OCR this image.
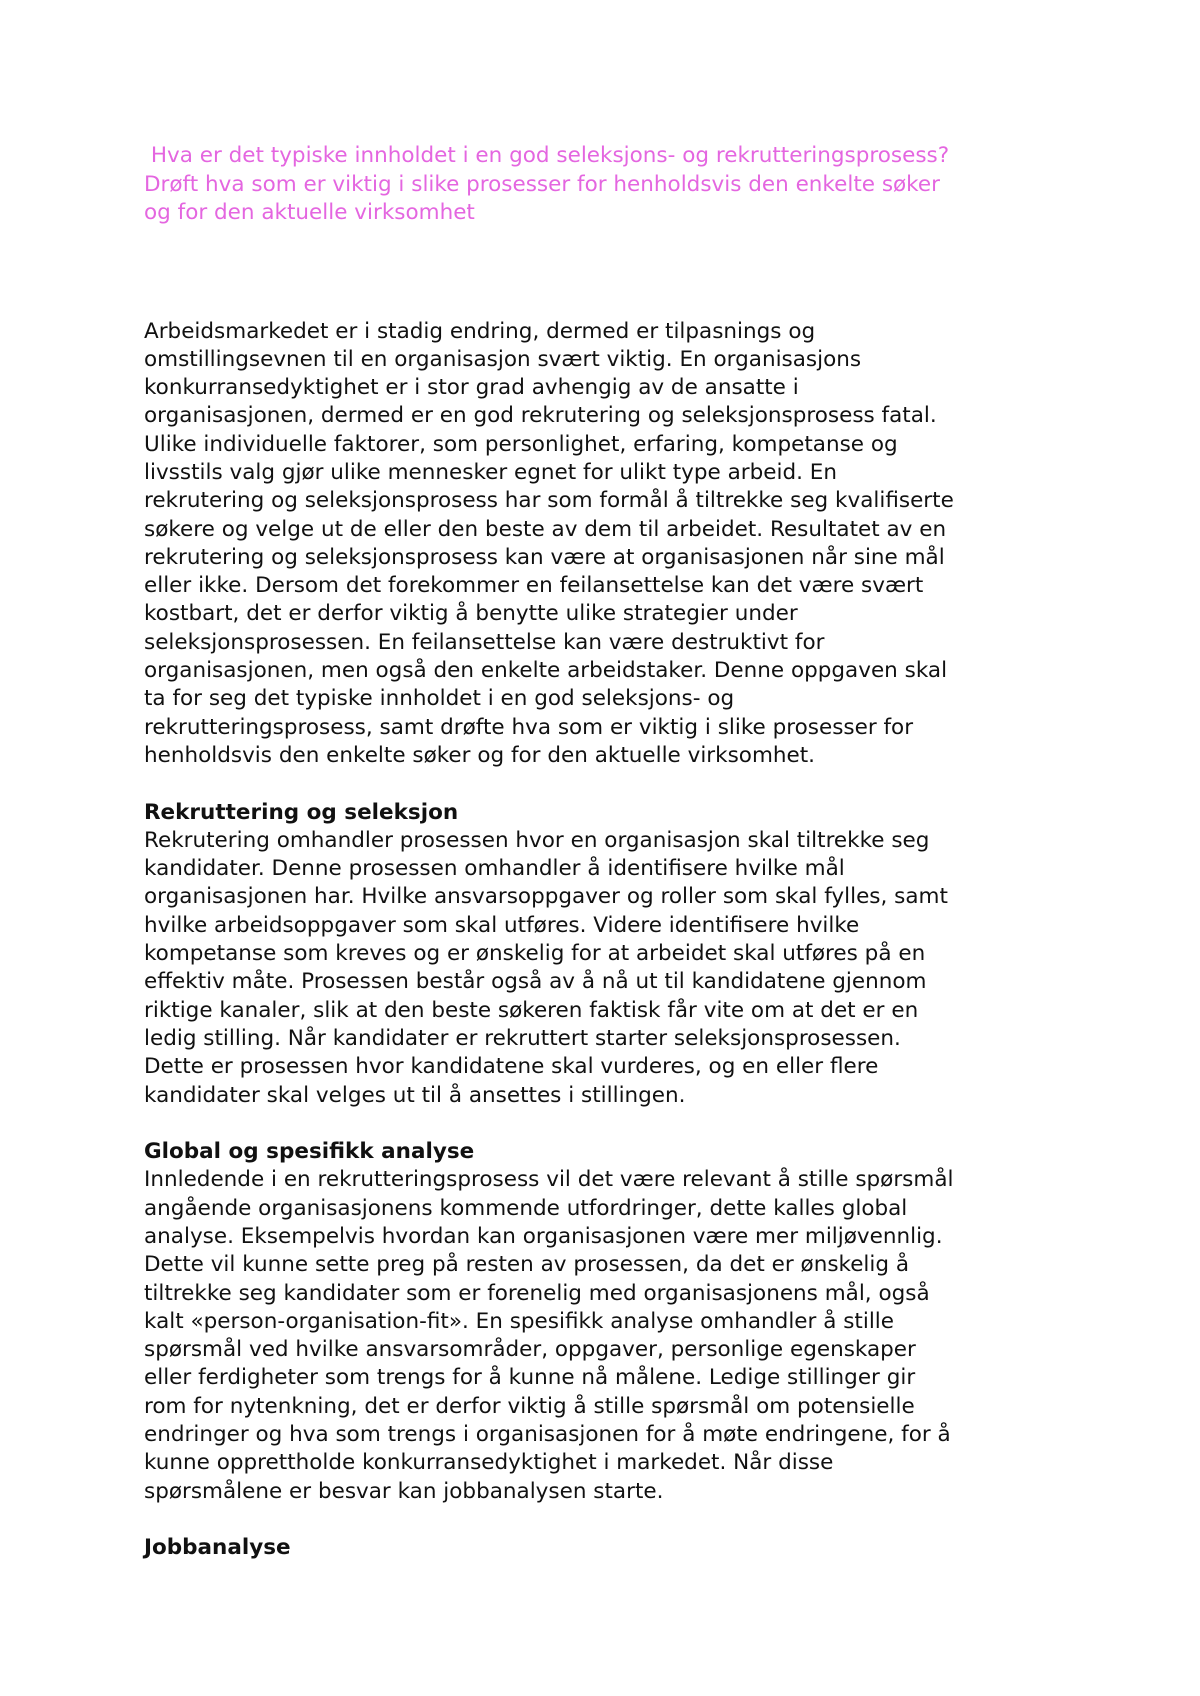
Hva er det typiske innholdet i en god seleksjons- og rekrutteringsprosess?
Drøft hva som er viktig i slike prosesser for henholdsvis den enkelte søker
og for den aktuelle virksomhet

Arbeidsmarkedet er i stadig endring, dermed er tilpasnings og
omstillingsevnen til en organisasjon svært viktig. En organisasjons
konkurransedyktighet er i stor grad avhengig av de ansatte i
organisasjonen, dermed er en god rekrutering og seleksjonsprosess fatal.
Ulike individuelle faktorer, som personlighet, erfaring, kompetanse og
livsstils valg gjør ulike mennesker egnet for ulikt type arbeid. En
rekrutering og seleksjonsprosess har som formål å tiltrekke seg kvalifiserte
søkere og velge ut de eller den beste av dem til arbeidet. Resultatet av en
rekrutering og seleksjonsprosess kan være at organisasjonen når sine mål
eller ikke. Dersom det forekommer en feilansettelse kan det være svært
kostbart, det er derfor viktig å benytte ulike strategier under
seleksjonsprosessen. En feilansettelse kan være destruktivt for
organisasjonen, men også den enkelte arbeidstaker. Denne oppgaven skal
ta for seg det typiske innholdet i en god seleksjons- og
rekrutteringsprosess, samt drøfte hva som er viktig i slike prosesser for
henholdsvis den enkelte søker og for den aktuelle virksomhet.
Rekruttering og seleksjon
Rekrutering omhandler prosessen hvor en organisasjon skal tiltrekke seg
kandidater. Denne prosessen omhandler å identifisere hvilke mål
organisasjonen har. Hvilke ansvarsoppgaver og roller som skal fylles, samt
hvilke arbeidsoppgaver som skal utføres. Videre identifisere hvilke
kompetanse som kreves og er ønskelig for at arbeidet skal utføres på en
effektiv måte. Prosessen består også av å nå ut til kandidatene gjennom
riktige kanaler, slik at den beste søkeren faktisk får vite om at det er en
ledig stilling. Når kandidater er rekruttert starter seleksjonsprosessen.
Dette er prosessen hvor kandidatene skal vurderes, og en eller flere
kandidater skal velges ut til å ansettes i stillingen.
Global og spesifikk analyse
Innledende i en rekrutteringsprosess vil det være relevant å stille spørsmål
angående organisasjonens kommende utfordringer, dette kalles global
analyse. Eksempelvis hvordan kan organisasjonen være mer miljøvennlig.
Dette vil kunne sette preg på resten av prosessen, da det er ønskelig å
tiltrekke seg kandidater som er forenelig med organisasjonens mål, også
kalt «person-organisation-fit». En spesifikk analyse omhandler å stille
spørsmål ved hvilke ansvarsområder, oppgaver, personlige egenskaper
eller ferdigheter som trengs for å kunne nå målene. Ledige stillinger gir
rom for nytenkning, det er derfor viktig å stille spørsmål om potensielle
endringer og hva som trengs i organisasjonen for å møte endringene, for å
kunne opprettholde konkurransedyktighet i markedet. Når disse
spørsmålene er besvar kan jobbanalysen starte.
Jobbanalyse
